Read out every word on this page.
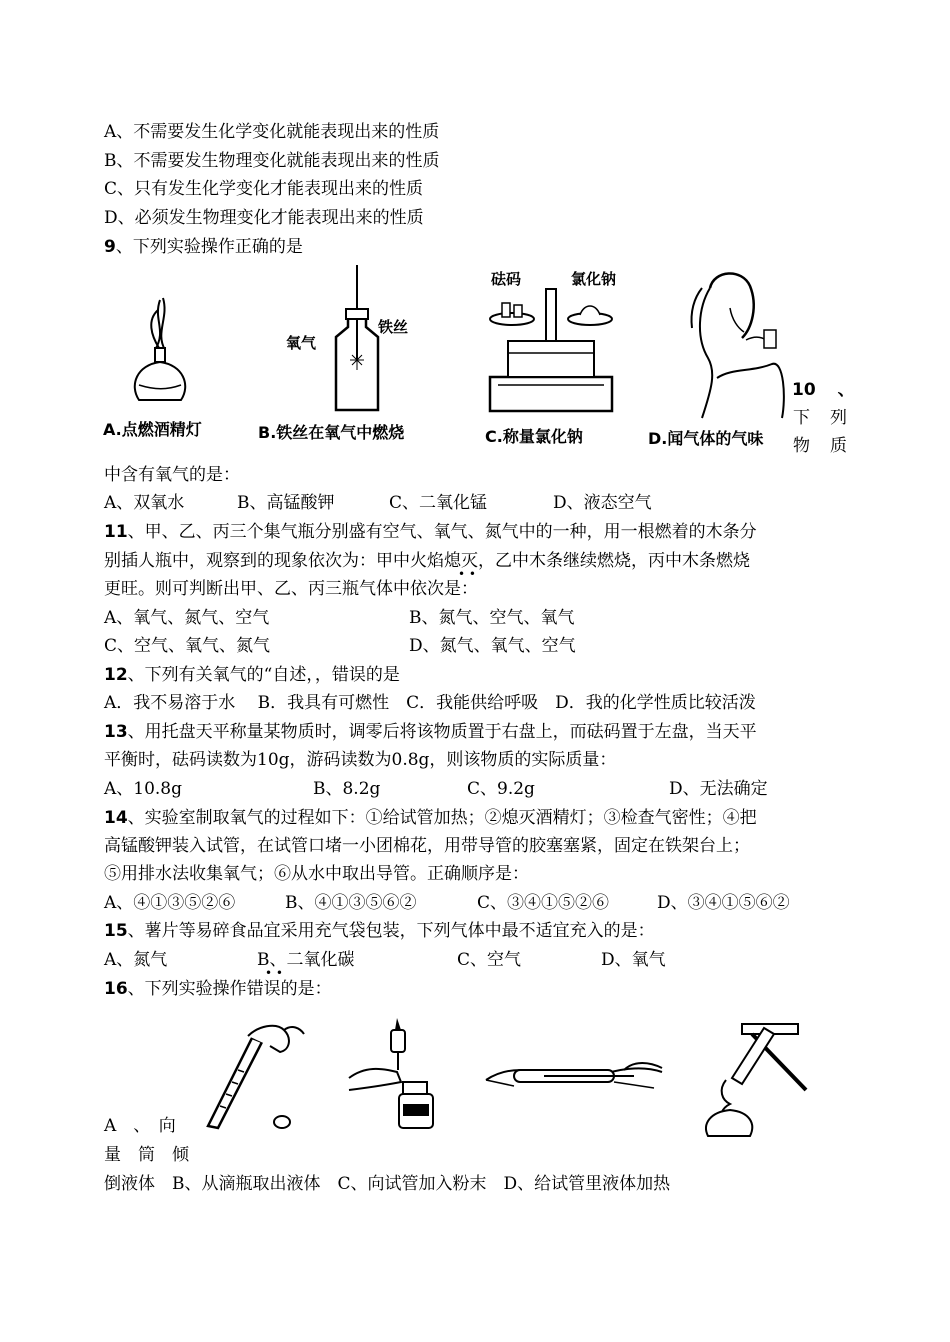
A、不需要发生化学变化就能表现出来的性质
B、不需要发生物理变化就能表现出来的性质
C、只有发生化学变化才能表现出来的性质
D、必须发生物理变化才能表现出来的性质
9、下列实验操作正确的是
A.点燃酒精灯
氧气
铁丝
B.铁丝在氧气中燃烧
砝码	氯化钠
C.称量氯化钠	D.闻气体的气味
10 、
下 列
物 质
中含有氧气的是：
A、双氧水	B、高锰酸钾	C、二氧化锰	D、液态空气
11、甲、乙、丙三个集气瓶分别盛有空气、氧气、氮气中的一种，用一根燃着的木条分
别插人瓶中，观察到的现象依次为：甲中火焰熄灭，乙中木条继续燃烧，丙中木条燃烧
• •
更旺。则可判断出甲、乙、丙三瓶气体中依次是：
A、氧气、氮气、空气	B、氮气、空气、氧气
C、空气、氧气、氮气	D、氮气、氧气、空气
12、下列有关氧气的“自述，，错误的是
A．我不易溶于水　 B．我具有可燃性　C．我能供给呼吸　D．我的化学性质比较活泼
13、用托盘天平称量某物质时，调零后将该物质置于右盘上，而砝码置于左盘，当天平
平衡时，砝码读数为10g，游码读数为0.8g，则该物质的实际质量：
A、10.8g	B、8.2g	C、9.2g	D、无法确定
14、实验室制取氧气的过程如下：①给试管加热；②熄灭酒精灯；③检查气密性；④把
高锰酸钾装入试管，在试管口堵一小团棉花，用带导管的胶塞塞紧，固定在铁架台上；
⑤用排水法收集氧气；⑥从水中取出导管。正确顺序是：
A、④①③⑤②⑥	B、④①③⑤⑥②	C、③④①⑤②⑥	D、③④①⑤⑥②
15、薯片等易碎食品宜采用充气袋包装，下列气体中最不适宜充入的是：
A、氮气	B、二氧化碳
• •
C、空气	D、氧气
16、下列实验操作错误的是：
A　、　向
量　筒　倾
倒液体　B、从滴瓶取出液体　C、向试管加入粉末　D、给试管里液体加热
